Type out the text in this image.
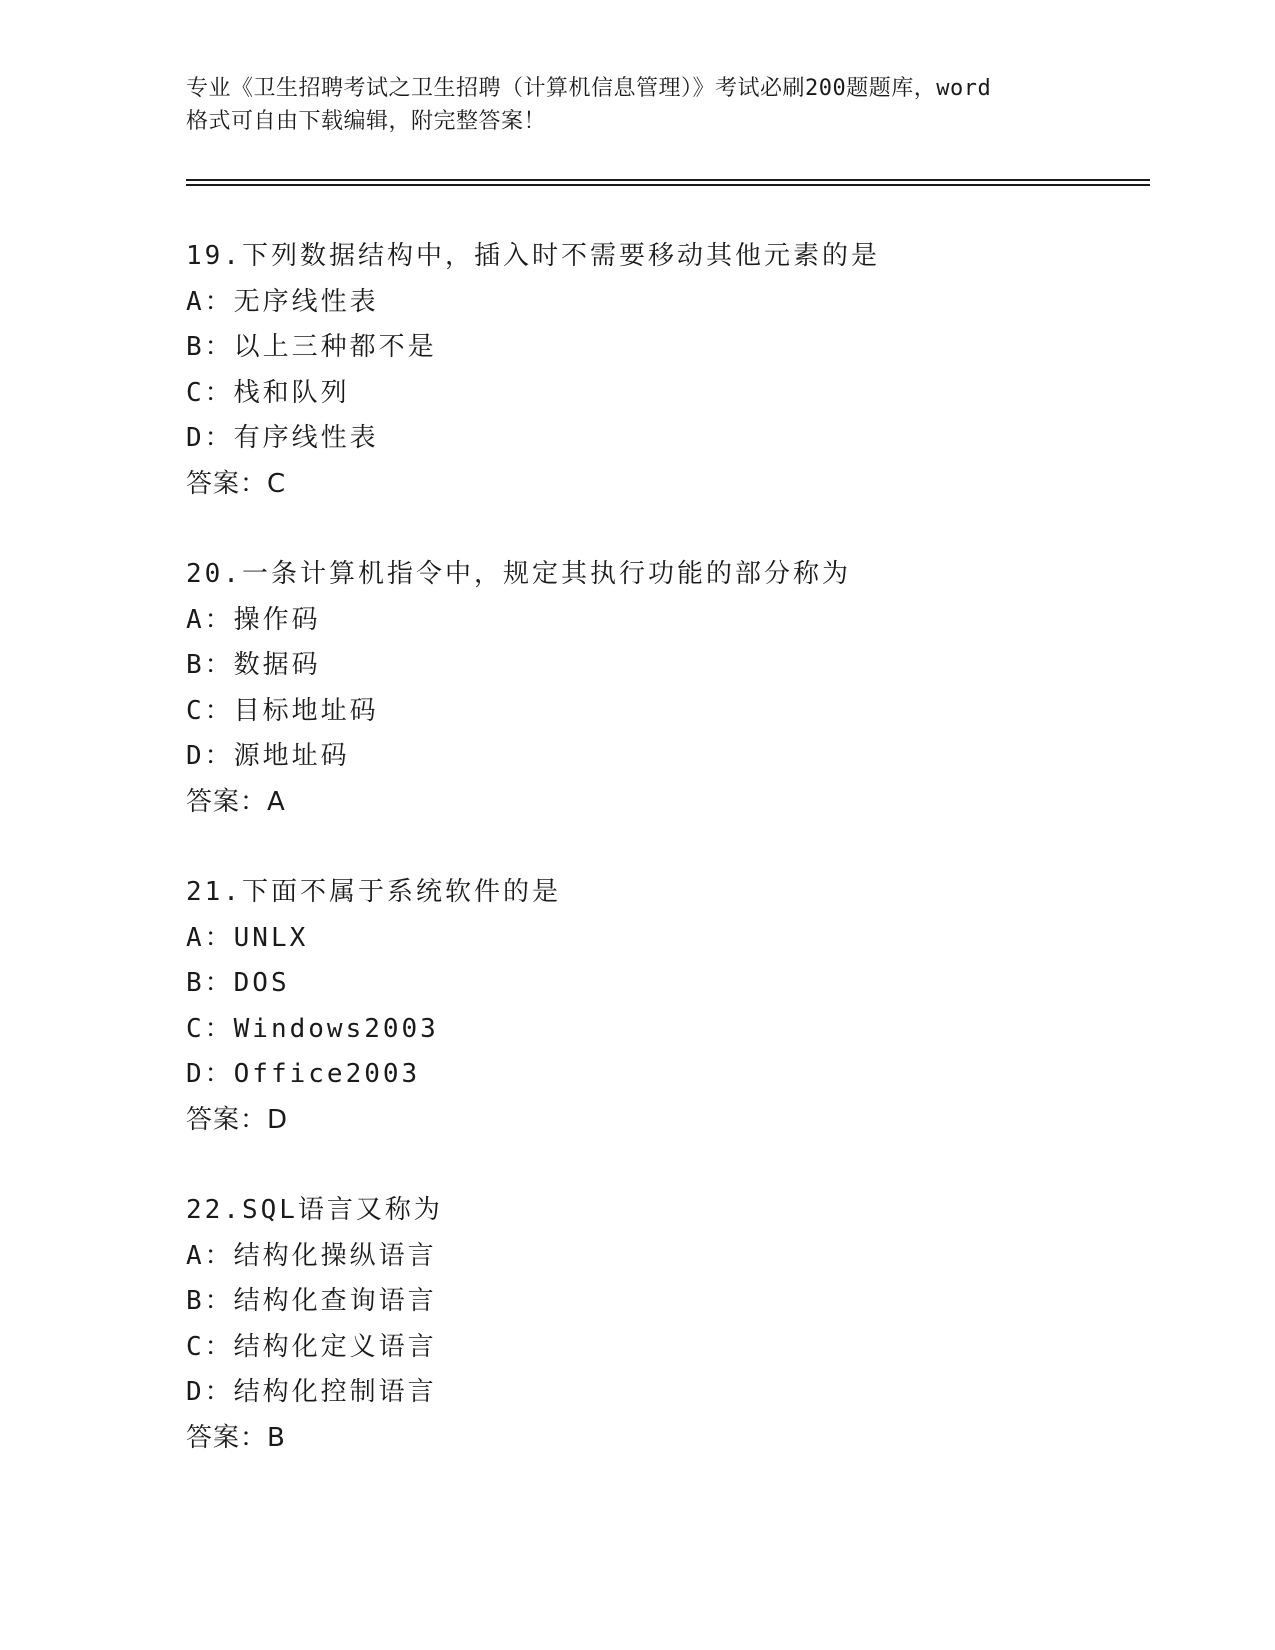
专业《卫生招聘考试之卫生招聘（计算机信息管理）》考试必刷200题题库，word
格式可自由下载编辑，附完整答案！
19.下列数据结构中，插入时不需要移动其他元素的是
A：无序线性表
B：以上三种都不是
C：栈和队列
D：有序线性表
答案：C
20.一条计算机指令中，规定其执行功能的部分称为
A：操作码
B：数据码
C：目标地址码
D：源地址码
答案：A
21.下面不属于系统软件的是
A：UNLX
B：DOS
C：Windows2003
D：Office2003
答案：D
22.SQL语言又称为
A：结构化操纵语言
B：结构化查询语言
C：结构化定义语言
D：结构化控制语言
答案：B
